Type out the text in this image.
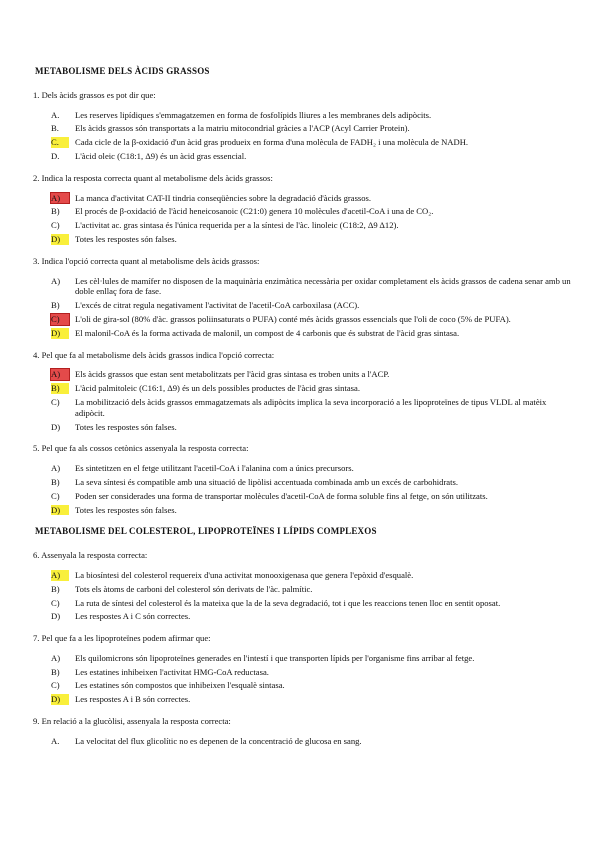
METABOLISME DELS ÀCIDS GRASSOS
1. Dels àcids grassos es pot dir que:
A.	Les reserves lipídiques s'emmagatzemen en forma de fosfolípids lliures a les membranes dels adipòcits.
B.	Els àcids grassos són transportats a la matriu mitocondrial gràcies a l'ACP (Acyl Carrier Protein).
C.	Cada cicle de la β-oxidació d'un àcid gras produeix en forma d'una molècula de FADH₂ i una molècula de NADH.
D.	L'àcid oleic (C18:1, Δ9) és un àcid gras essencial.
2. Indica la resposta correcta quant al metabolisme dels àcids grassos:
A)	La manca d'activitat CAT-II tindria conseqüències sobre la degradació d'àcids grassos.
B)	El procés de β-oxidació de l'àcid heneicosanoic (C21:0) genera 10 molècules d'acetil-CoA i una de CO₂.
C)	L'activitat ac. gras sintasa és l'única requerida per a la síntesi de l'àc. linoleic (C18:2, Δ9 Δ12).
D)	Totes les respostes són falses.
3. Indica l'opció correcta quant al metabolisme dels àcids grassos:
A)	Les cèl·lules de mamífer no disposen de la maquinària enzimàtica necessària per oxidar completament els àcids grassos de cadena senar amb un doble enllaç fora de fase.
B)	L'excés de citrat regula negativament l'activitat de l'acetil-CoA carboxilasa (ACC).
C)	L'oli de gira-sol (80% d'àc. grassos poliinsaturats o PUFA) conté més àcids grassos essencials que l'oli de coco (5% de PUFA).
D)	El malonil-CoA és la forma activada de malonil, un compost de 4 carbonis que és substrat de l'àcid gras sintasa.
4. Pel que fa al metabolisme dels àcids grassos indica l'opció correcta:
A)	Els àcids grassos que estan sent metabolitzats per l'àcid gras sintasa es troben units a l'ACP.
B)	L'àcid palmitoleic (C16:1, Δ9) és un dels possibles productes de l'àcid gras sintasa.
C)	La mobilització dels àcids grassos emmagatzemats als adipòcits implica la seva incorporació a les lipoproteïnes de tipus VLDL al matèix adipòcit.
D)	Totes les respostes són falses.
5. Pel que fa als cossos cetònics assenyala la resposta correcta:
A)	Es sintetitzen en el fetge utilitzant l'acetil-CoA i l'alanina com a únics precursors.
B)	La seva síntesi és compatible amb una situació de lipòlisi accentuada combinada amb un excés de carbohidrats.
C)	Poden ser considerades una forma de transportar molècules d'acetil-CoA de forma soluble fins al fetge, on són utilitzats.
D)	Totes les respostes són falses.
METABOLISME DEL COLESTEROL, LIPOPROTEÏNES I LÍPIDS COMPLEXOS
6. Assenyala la resposta correcta:
A)	La biosíntesi del colesterol requereix d'una activitat monooxigenasa que genera l'epòxid d'esqualè.
B)	Tots els àtoms de carboni del colesterol són derivats de l'àc. palmític.
C)	La ruta de síntesi del colesterol és la mateixa que la de la seva degradació, tot i que les reaccions tenen lloc en sentit oposat.
D)	Les respostes A i C són correctes.
7. Pel que fa a les lipoproteïnes podem afirmar que:
A)	Els quilomicrons són lipoproteïnes generades en l'intestí i que transporten lípids per l'organisme fins arribar al fetge.
B)	Les estatines inhibeixen l'activitat HMG-CoA reductasa.
C)	Les estatines són compostos que inhibeixen l'esqualè sintasa.
D)	Les respostes A i B són correctes.
9. En relació a la glucòlisi, assenyala la resposta correcta:
A.	La velocitat del flux glicolític no es depenen de la concentració de glucosa en sang.
